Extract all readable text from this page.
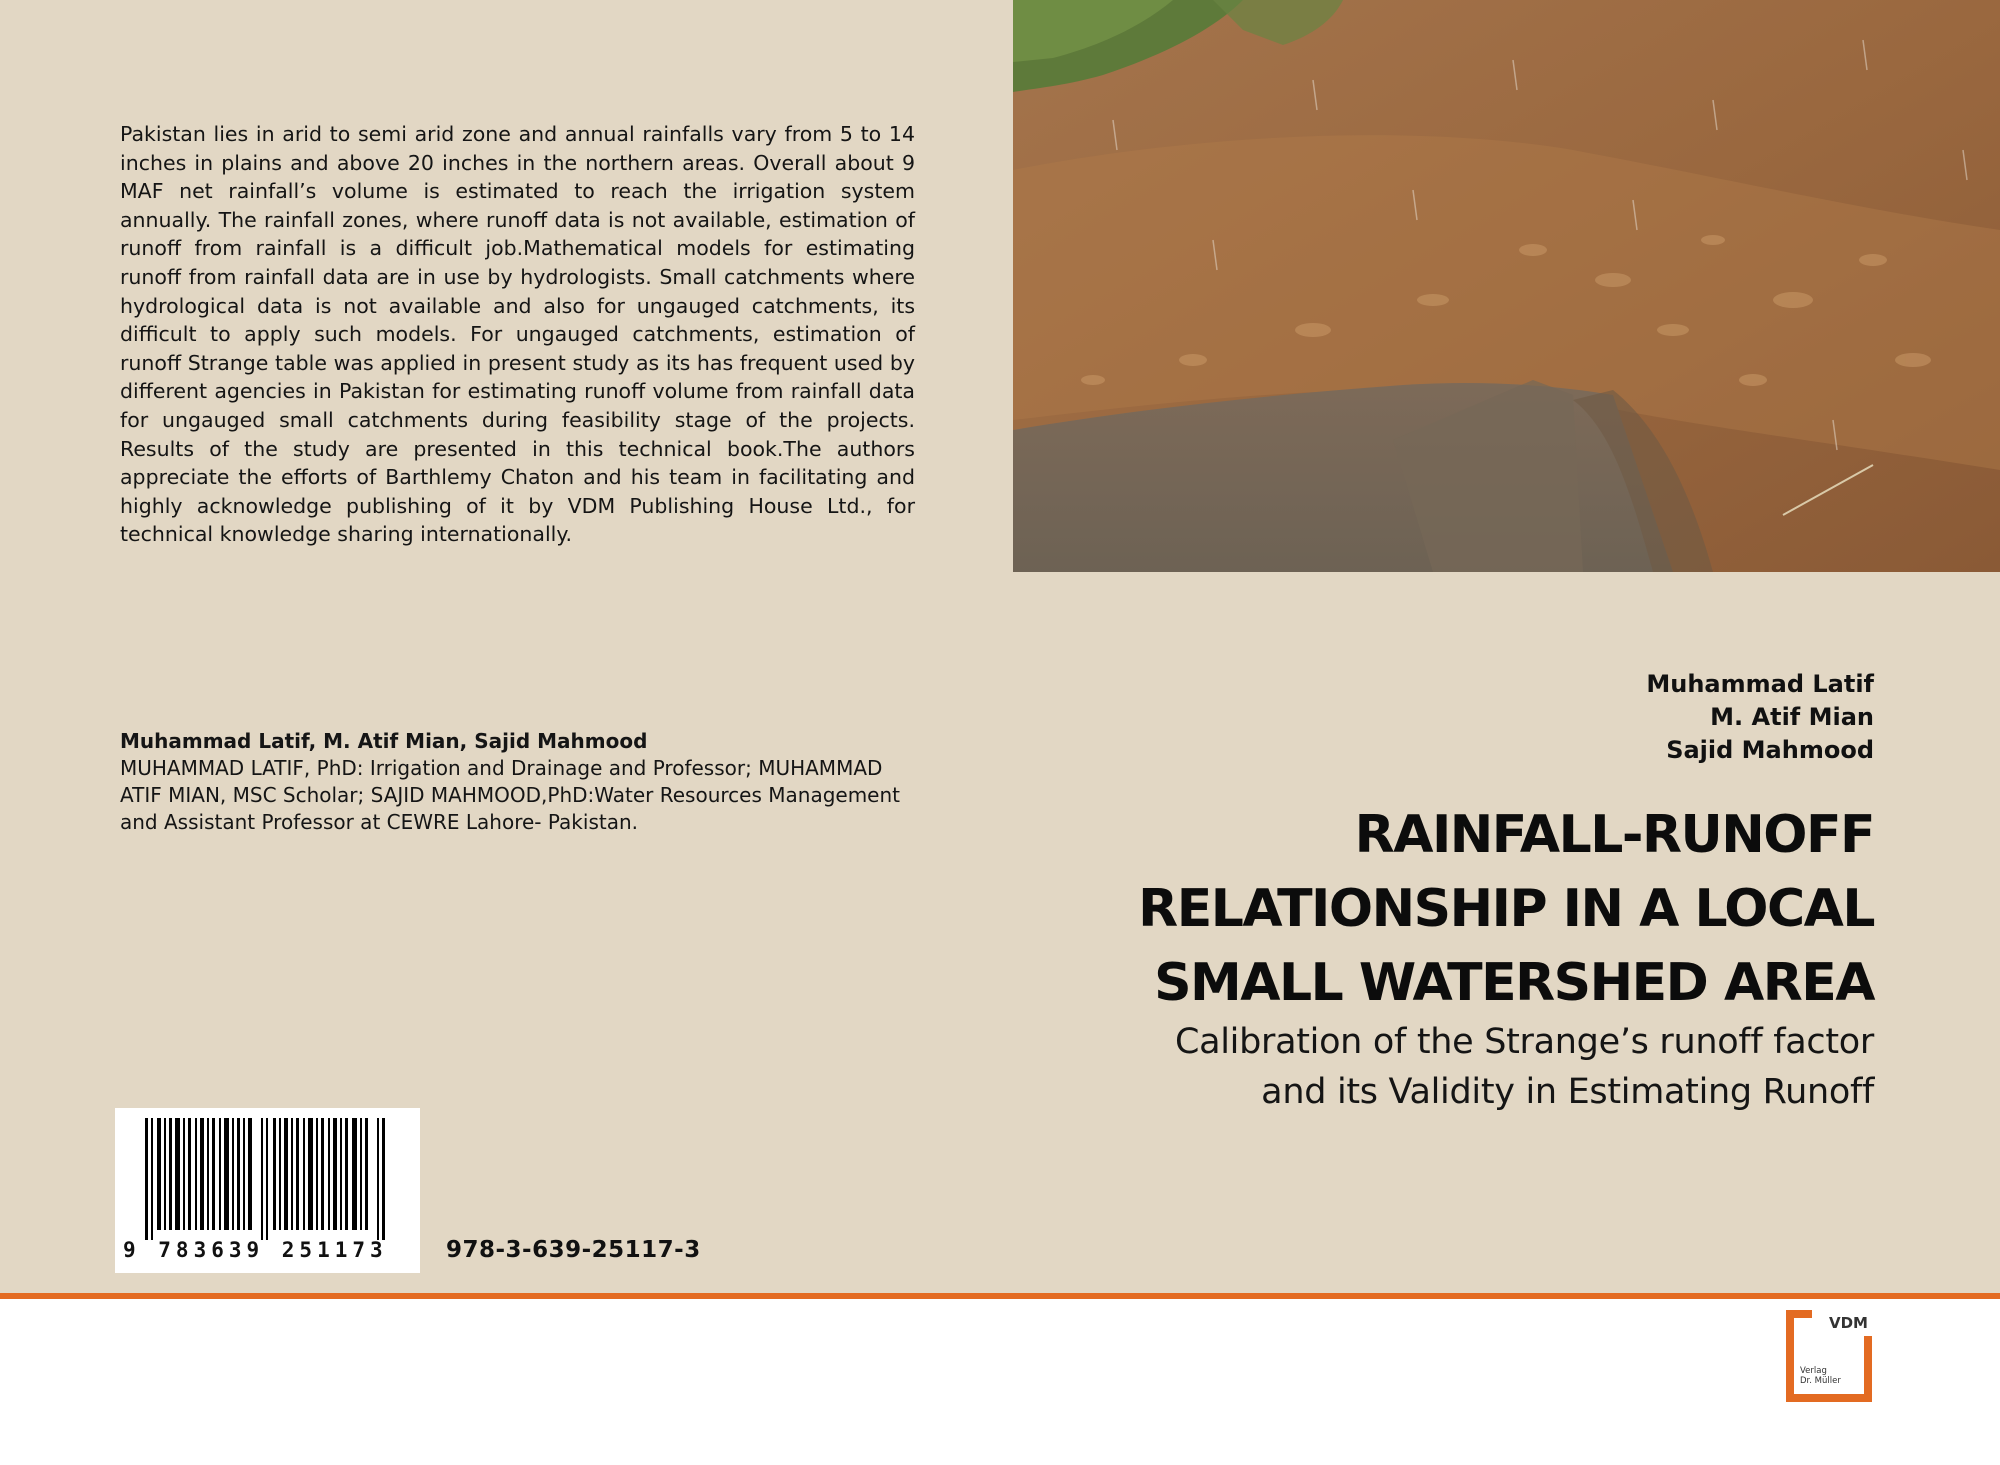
Pakistan lies in arid to semi arid zone and annual rainfalls vary from 5 to 14 inches in plains and above 20 inches in the northern areas. Overall about 9 MAF net rainfall’s volume is estimated to reach the irrigation system annually. The rainfall zones, where runoff data is not available, estimation of runoff from rainfall is a difficult job.Mathematical models for estimating runoff from rainfall data are in use by hydrologists. Small catchments where hydrological data is not available and also for ungauged catchments, its difficult to apply such models. For ungauged catchments, estimation of runoff Strange table was applied in present study as its has frequent used by different agencies in Pakistan for estimating runoff volume from rainfall data for ungauged small catchments during feasibility stage of the projects. Results of the study are presented in this technical book.The authors appreciate the efforts of Barthlemy Chaton and his team in facilitating and highly acknowledge publishing of it by VDM Publishing House Ltd., for technical knowledge sharing internationally.

Muhammad Latif, M. Atif Mian, Sajid Mahmood
MUHAMMAD LATIF, PhD: Irrigation and Drainage and Professor; MUHAMMAD ATIF MIAN, MSC Scholar; SAJID MAHMOOD,PhD:Water Resources Management and Assistant Professor at CEWRE Lahore- Pakistan.
Muhammad Latif
M. Atif Mian
Sajid Mahmood
RAINFALL-RUNOFF
RELATIONSHIP IN A LOCAL
SMALL WATERSHED AREA
Calibration of the Strange’s runoff factor
and its Validity in Estimating Runoff
9 783639 251173	978-3-639-25117-3
VDM
Verlag
Dr. Müller
